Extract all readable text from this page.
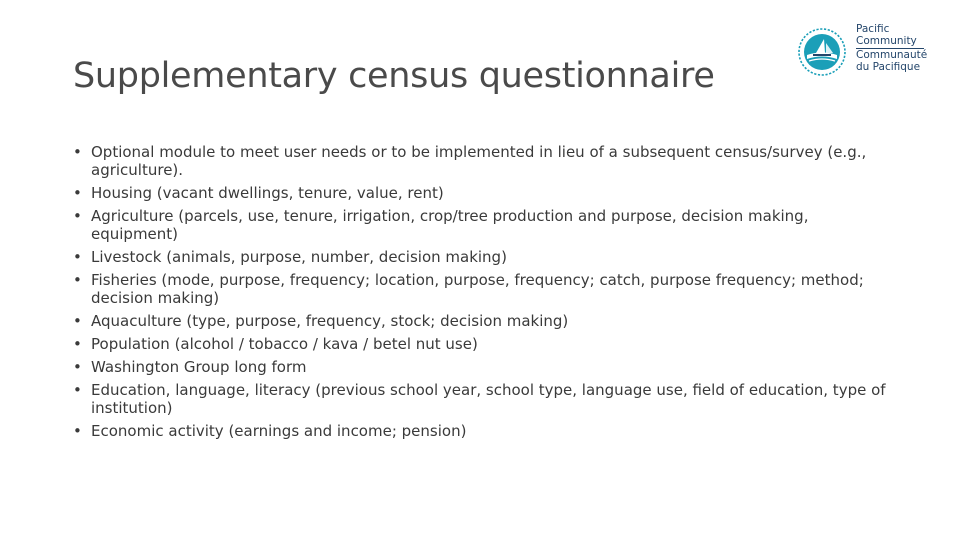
Supplementary census questionnaire
Pacific
Community
Communauté
du Pacifique
• Optional module to meet user needs or to be implemented in lieu of a subsequent census/survey (e.g., agriculture).
• Housing (vacant dwellings, tenure, value, rent)
• Agriculture (parcels, use, tenure, irrigation, crop/tree production and purpose, decision making, equipment)
• Livestock (animals, purpose, number, decision making)
• Fisheries (mode, purpose, frequency; location, purpose, frequency; catch, purpose frequency; method; decision making)
• Aquaculture (type, purpose, frequency, stock; decision making)
• Population (alcohol / tobacco / kava / betel nut use)
• Washington Group long form
• Education, language, literacy (previous school year, school type, language use, field of education, type of institution)
• Economic activity (earnings and income; pension)
